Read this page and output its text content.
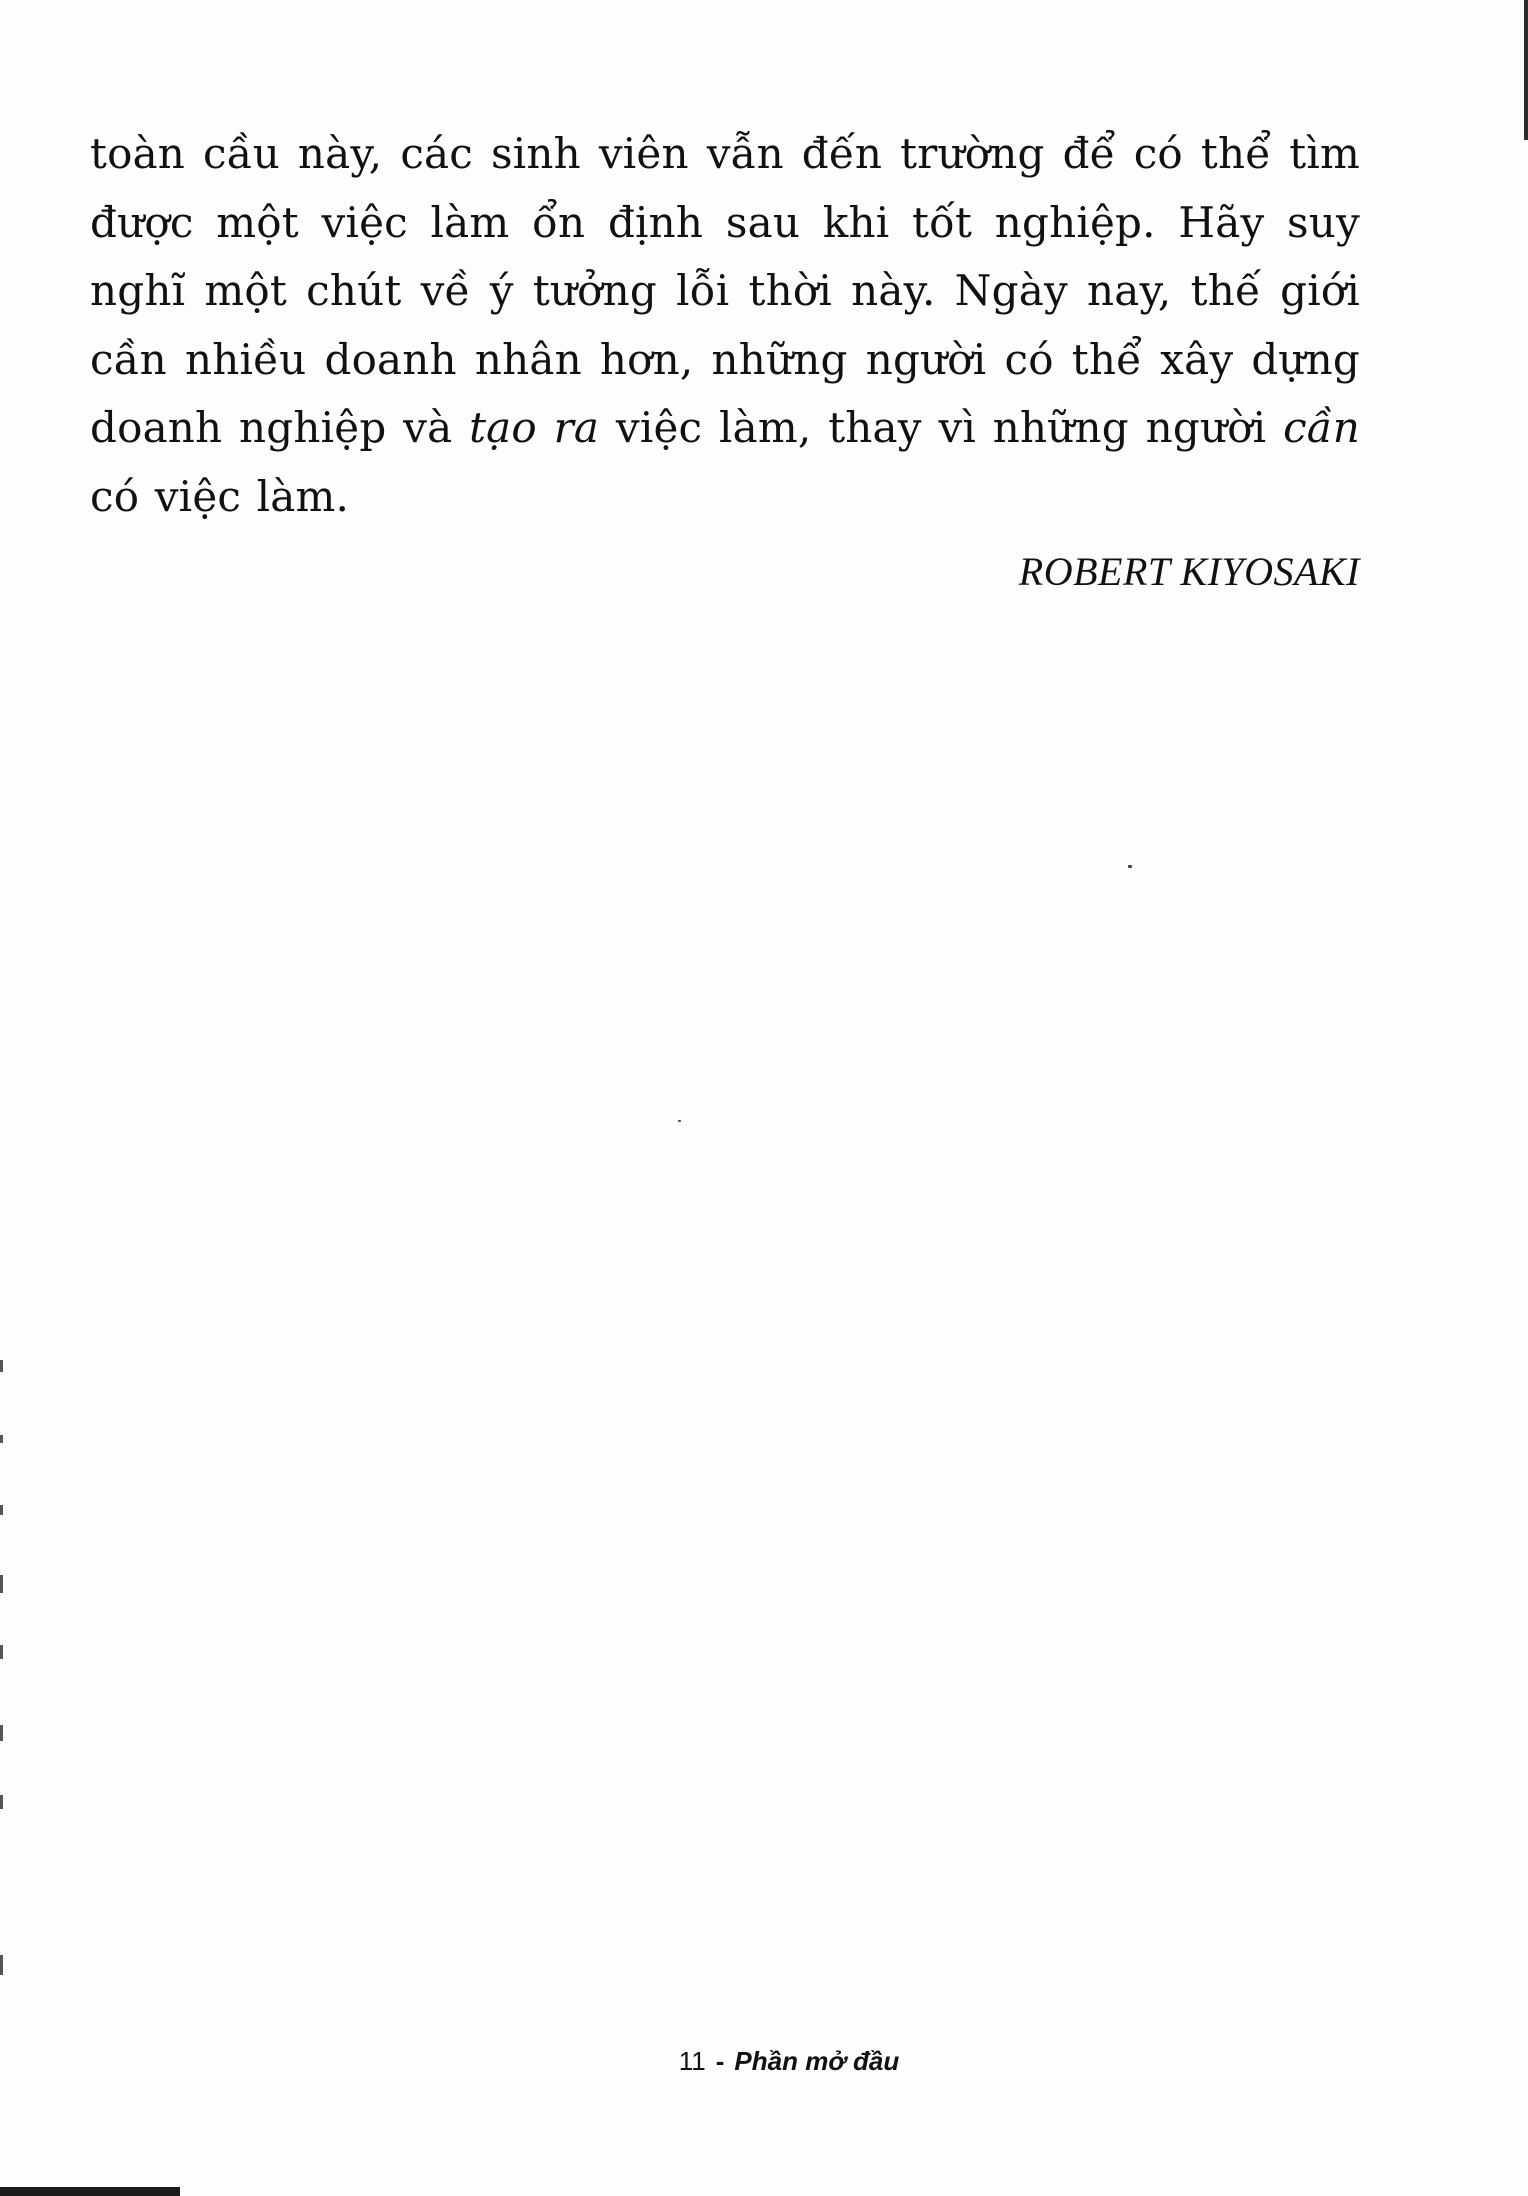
toàn cầu này, các sinh viên vẫn đến trường để có thể tìm được một việc làm ổn định sau khi tốt nghiệp. Hãy suy nghĩ một chút về ý tưởng lỗi thời này. Ngày nay, thế giới cần nhiều doanh nhân hơn, những người có thể xây dựng doanh nghiệp và tạo ra việc làm, thay vì những người cần có việc làm.

ROBERT KIYOSAKI

11 - Phần mở đầu
